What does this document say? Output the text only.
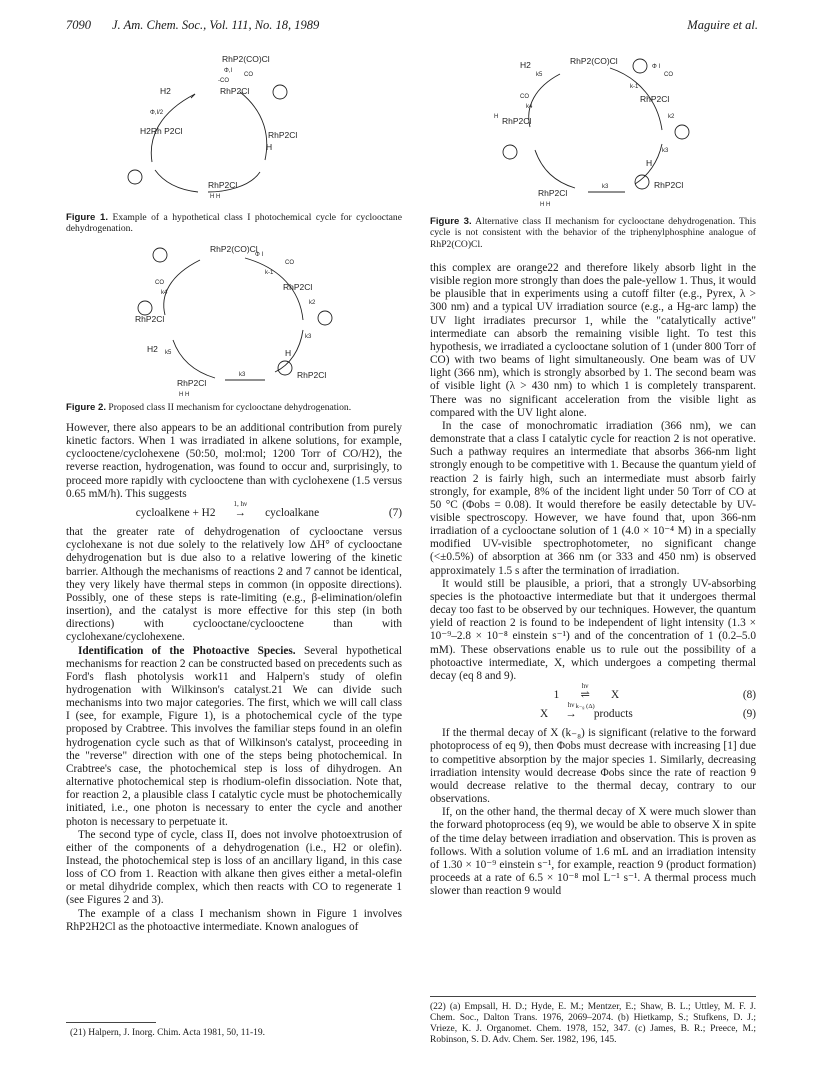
7090 J. Am. Chem. Soc., Vol. 111, No. 18, 1989	Maguire et al.
RhP2(CO)Cl
Φ,I
CO
-CO
H2	RhP2Cl
Φ,I/2
H2Rh P2Cl	RhP2Cl
H
RhP2Cl
H H
Figure 1. Example of a hypothetical class I photochemical cycle for cyclooctane dehydrogenation.
RhP2(CO)Cl
Φ I
CO
k-1
CO
k4
RhP2Cl
RhP2Cl
k2
k3
H2 k5	H
RhP2Cl
k3
RhP2Cl
H H
Figure 2. Proposed class II mechanism for cyclooctane dehydrogenation.

However, there also appears to be an additional contribution from purely kinetic factors. When 1 was irradiated in alkene solutions, for example, cyclooctene/cyclohexene (50:50, mol:mol; 1200 Torr of CO/H2), the reverse reaction, hydrogenation, was found to occur and, surprisingly, to proceed more rapidly with cyclooctene than with cyclohexene (1.5 versus 0.65 mM/h). This suggests

cycloalkene + H2
1, hν
→ cycloalkane	(7)

that the greater rate of dehydrogenation of cyclooctane versus cyclohexane is not due solely to the relatively low ΔH° of cyclooctane dehydrogenation but is due also to a relative lowering of the kinetic barrier. Although the mechanisms of reactions 2 and 7 cannot be identical, they very likely have thermal steps in common (in opposite directions). Possibly, one of these steps is rate-limiting (e.g., β-elimination/olefin insertion), and the catalyst is more effective for this step (in both directions) with cyclooctane/cyclooctene than with cyclohexane/cyclohexene.

Identification of the Photoactive Species. Several hypothetical mechanisms for reaction 2 can be constructed based on precedents such as Ford's flash photolysis work11 and Halpern's study of olefin hydrogenation with Wilkinson's catalyst.21 We can divide such mechanisms into two major categories. The first, which we will call class I (see, for example, Figure 1), is a photochemical cycle of the type proposed by Crabtree. This involves the familiar steps found in an olefin hydrogenation cycle such as that of Wilkinson's catalyst, proceeding in the "reverse" direction with one of the steps being photochemical. In Crabtree's case, the photochemical step is loss of dihydrogen. An alternative photochemical step is rhodium-olefin dissociation. Note that, for reaction 2, a plausible class I catalytic cycle must be photochemically initiated, i.e., one photon is necessary to enter the cycle and another photon is necessary to perpetuate it.

The second type of cycle, class II, does not involve photoextrusion of either of the components of a dehydrogenation (i.e., H2 or olefin). Instead, the photochemical step is loss of an ancillary ligand, in this case loss of CO from 1. Reaction with alkane then gives either a metal-olefin or metal dihydride complex, which then reacts with CO to regenerate 1 (see Figures 2 and 3).

The example of a class I mechanism shown in Figure 1 involves RhP2H2Cl as the photoactive intermediate. Known analogues of

(21) Halpern, J. Inorg. Chim. Acta 1981, 50, 11-19.
H2
k5
RhP2(CO)Cl
Φ I
CO
k-1
CO
k4
RhP2Cl
H
RhP2Cl
k2
H
k3
RhP2Cl
k3
RhP2Cl
H H
Figure 3. Alternative class II mechanism for cyclooctane dehydrogenation. This cycle is not consistent with the behavior of the triphenylphosphine analogue of RhP2(CO)Cl.

this complex are orange22 and therefore likely absorb light in the visible region more strongly than does the pale-yellow 1. Thus, it would be plausible that in experiments using a cutoff filter (e.g., Pyrex, λ > 300 nm) and a typical UV irradiation source (e.g., a Hg-arc lamp) the UV light irradiates precursor 1, while the "catalytically active" intermediate can absorb the remaining visible light. To test this hypothesis, we irradiated a cyclooctane solution of 1 (under 800 Torr of CO) with two beams of light simultaneously. One beam was of UV light (366 nm), which is strongly absorbed by 1. The second beam was of visible light (λ > 430 nm) to which 1 is completely transparent. There was no significant acceleration from the visible light as compared with the UV light alone.

In the case of monochromatic irradiation (366 nm), we can demonstrate that a class I catalytic cycle for reaction 2 is not operative. Such a pathway requires an intermediate that absorbs 366-nm light strongly enough to be competitive with 1. Because the quantum yield of reaction 2 is fairly high, such an intermediate must absorb fairly strongly, for example, 8% of the incident light under 50 Torr of CO at 50 °C (Φobs = 0.08). It would therefore be easily detectable by UV-visible spectroscopy. However, we have found that, upon 366-nm irradiation of a cyclooctane solution of 1 (4.0 × 10⁻⁴ M) in a specially modified UV-visible spectrophotometer, no significant change (<±0.5%) of absorption at 366 nm (or 333 and 450 nm) is observed approximately 1.5 s after the termination of irradiation.

It would still be plausible, a priori, that a strongly UV-absorbing species is the photoactive intermediate but that it undergoes thermal decay too fast to be observed by our techniques. However, the quantum yield of reaction 2 is found to be independent of light intensity (1.3 × 10⁻⁹–2.8 × 10⁻⁸ einstein s⁻¹) and of the concentration of 1 (0.2–5.0 mM). These observations enable us to rule out the possibility of a photoactive intermediate, X, which undergoes a competing thermal decay (eq 8 and 9).

1
hν
⇌
k₋₈ (Δ)
X	(8)
X
hν
→ products	(9)

If the thermal decay of X (k₋₈) is significant (relative to the forward photoprocess of eq 9), then Φobs must decrease with increasing [1] due to competitive absorption by the major species 1. Similarly, decreasing irradiation intensity would decrease Φobs since the rate of reaction 9 would decrease relative to the thermal decay, contrary to our observations.

If, on the other hand, the thermal decay of X were much slower than the forward photoprocess (eq 9), we would be able to observe X in spite of the time delay between irradiation and observation. This is proven as follows. With a solution volume of 1.6 mL and an irradiation intensity of 1.30 × 10⁻⁹ einstein s⁻¹, for example, reaction 9 (product formation) proceeds at a rate of 6.5 × 10⁻⁸ mol L⁻¹ s⁻¹. A thermal process much slower than reaction 9 would

(22) (a) Empsall, H. D.; Hyde, E. M.; Mentzer, E.; Shaw, B. L.; Uttley, M. F. J. Chem. Soc., Dalton Trans. 1976, 2069–2074. (b) Hietkamp, S.; Stufkens, D. J.; Vrieze, K. J. Organomet. Chem. 1978, 152, 347. (c) James, B. R.; Preece, M.; Robinson, S. D. Adv. Chem. Ser. 1982, 196, 145.
